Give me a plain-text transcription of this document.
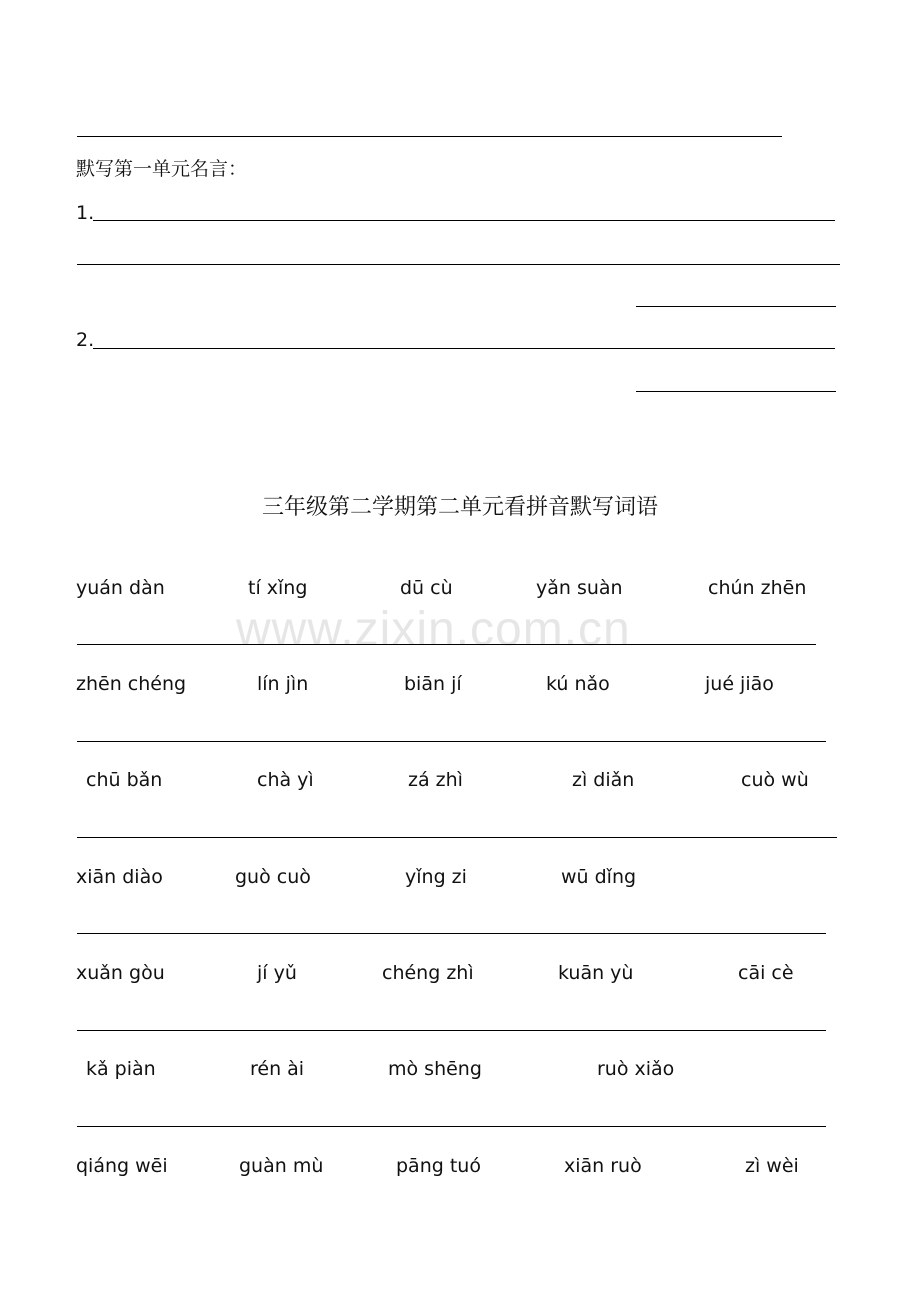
默写第一单元名言：
1.
2.
三年级第二学期第二单元看拼音默写词语
www.zixin.com.cn
yuán dàn	tí xǐng	dū cù	yǎn suàn	chún zhēn
zhēn chéng	lín jìn	biān jí	kú nǎo	jué jiāo
chū bǎn	chà yì	zá zhì	zì diǎn	cuò wù
xiān diào	guò cuò	yǐng zi	wū dǐng
xuǎn gòu	jí yǔ	chéng zhì	kuān yù	cāi cè
kǎ piàn	rén ài	mò shēng	ruò xiǎo
qiáng wēi	guàn mù	pāng tuó	xiān ruò	zì wèi
